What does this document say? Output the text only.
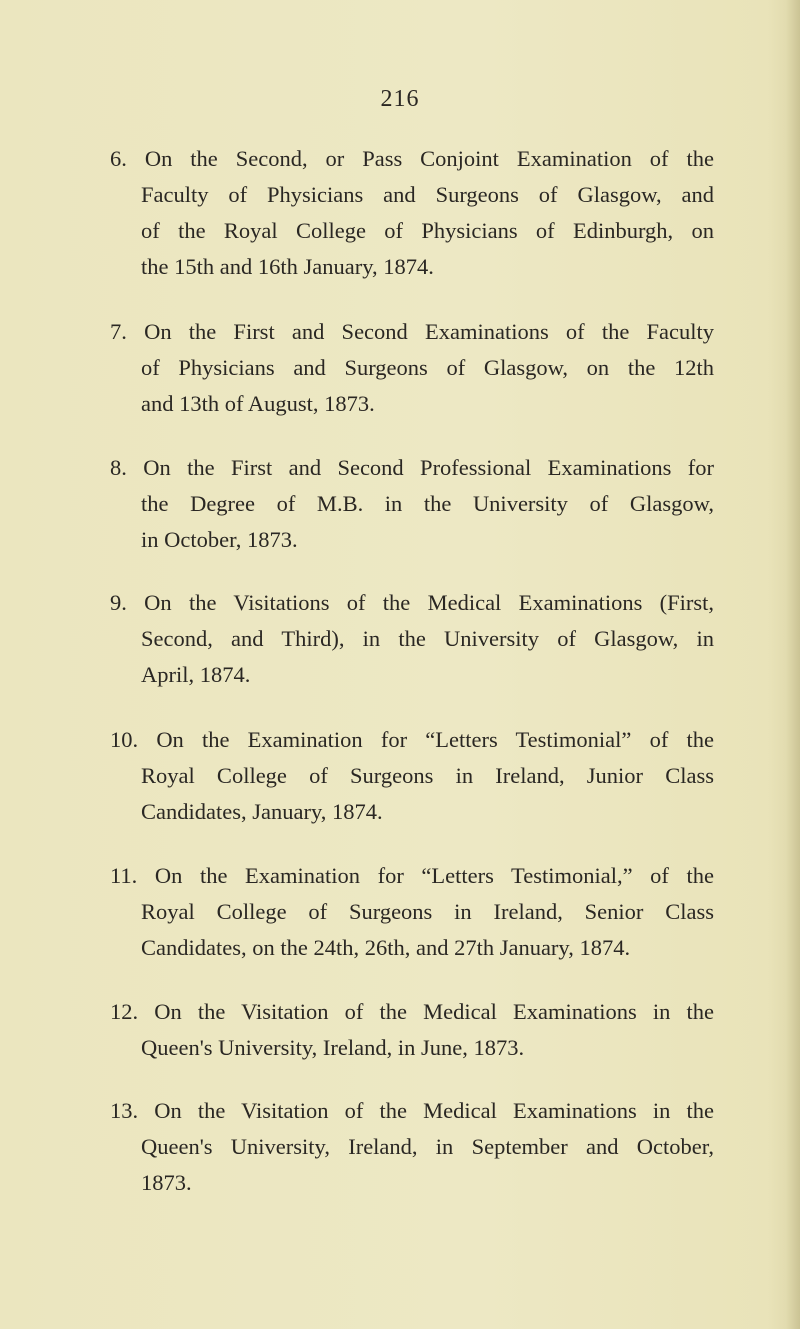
216
6. On the Second, or Pass Conjoint Examination of the
Faculty of Physicians and Surgeons of Glasgow, and
of the Royal College of Physicians of Edinburgh, on
the 15th and 16th January, 1874.
7. On the First and Second Examinations of the Faculty
of Physicians and Surgeons of Glasgow, on the 12th
and 13th of August, 1873.
8. On the First and Second Professional Examinations for
the Degree of M.B. in the University of Glasgow,
in October, 1873.
9. On the Visitations of the Medical Examinations (First,
Second, and Third), in the University of Glasgow, in
April, 1874.
10. On the Examination for “Letters Testimonial” of the
Royal College of Surgeons in Ireland, Junior Class
Candidates, January, 1874.
11. On the Examination for “Letters Testimonial,” of the
Royal College of Surgeons in Ireland, Senior Class
Candidates, on the 24th, 26th, and 27th January, 1874.
12. On the Visitation of the Medical Examinations in the
Queen's University, Ireland, in June, 1873.
13. On the Visitation of the Medical Examinations in the
Queen's University, Ireland, in September and October,
1873.
